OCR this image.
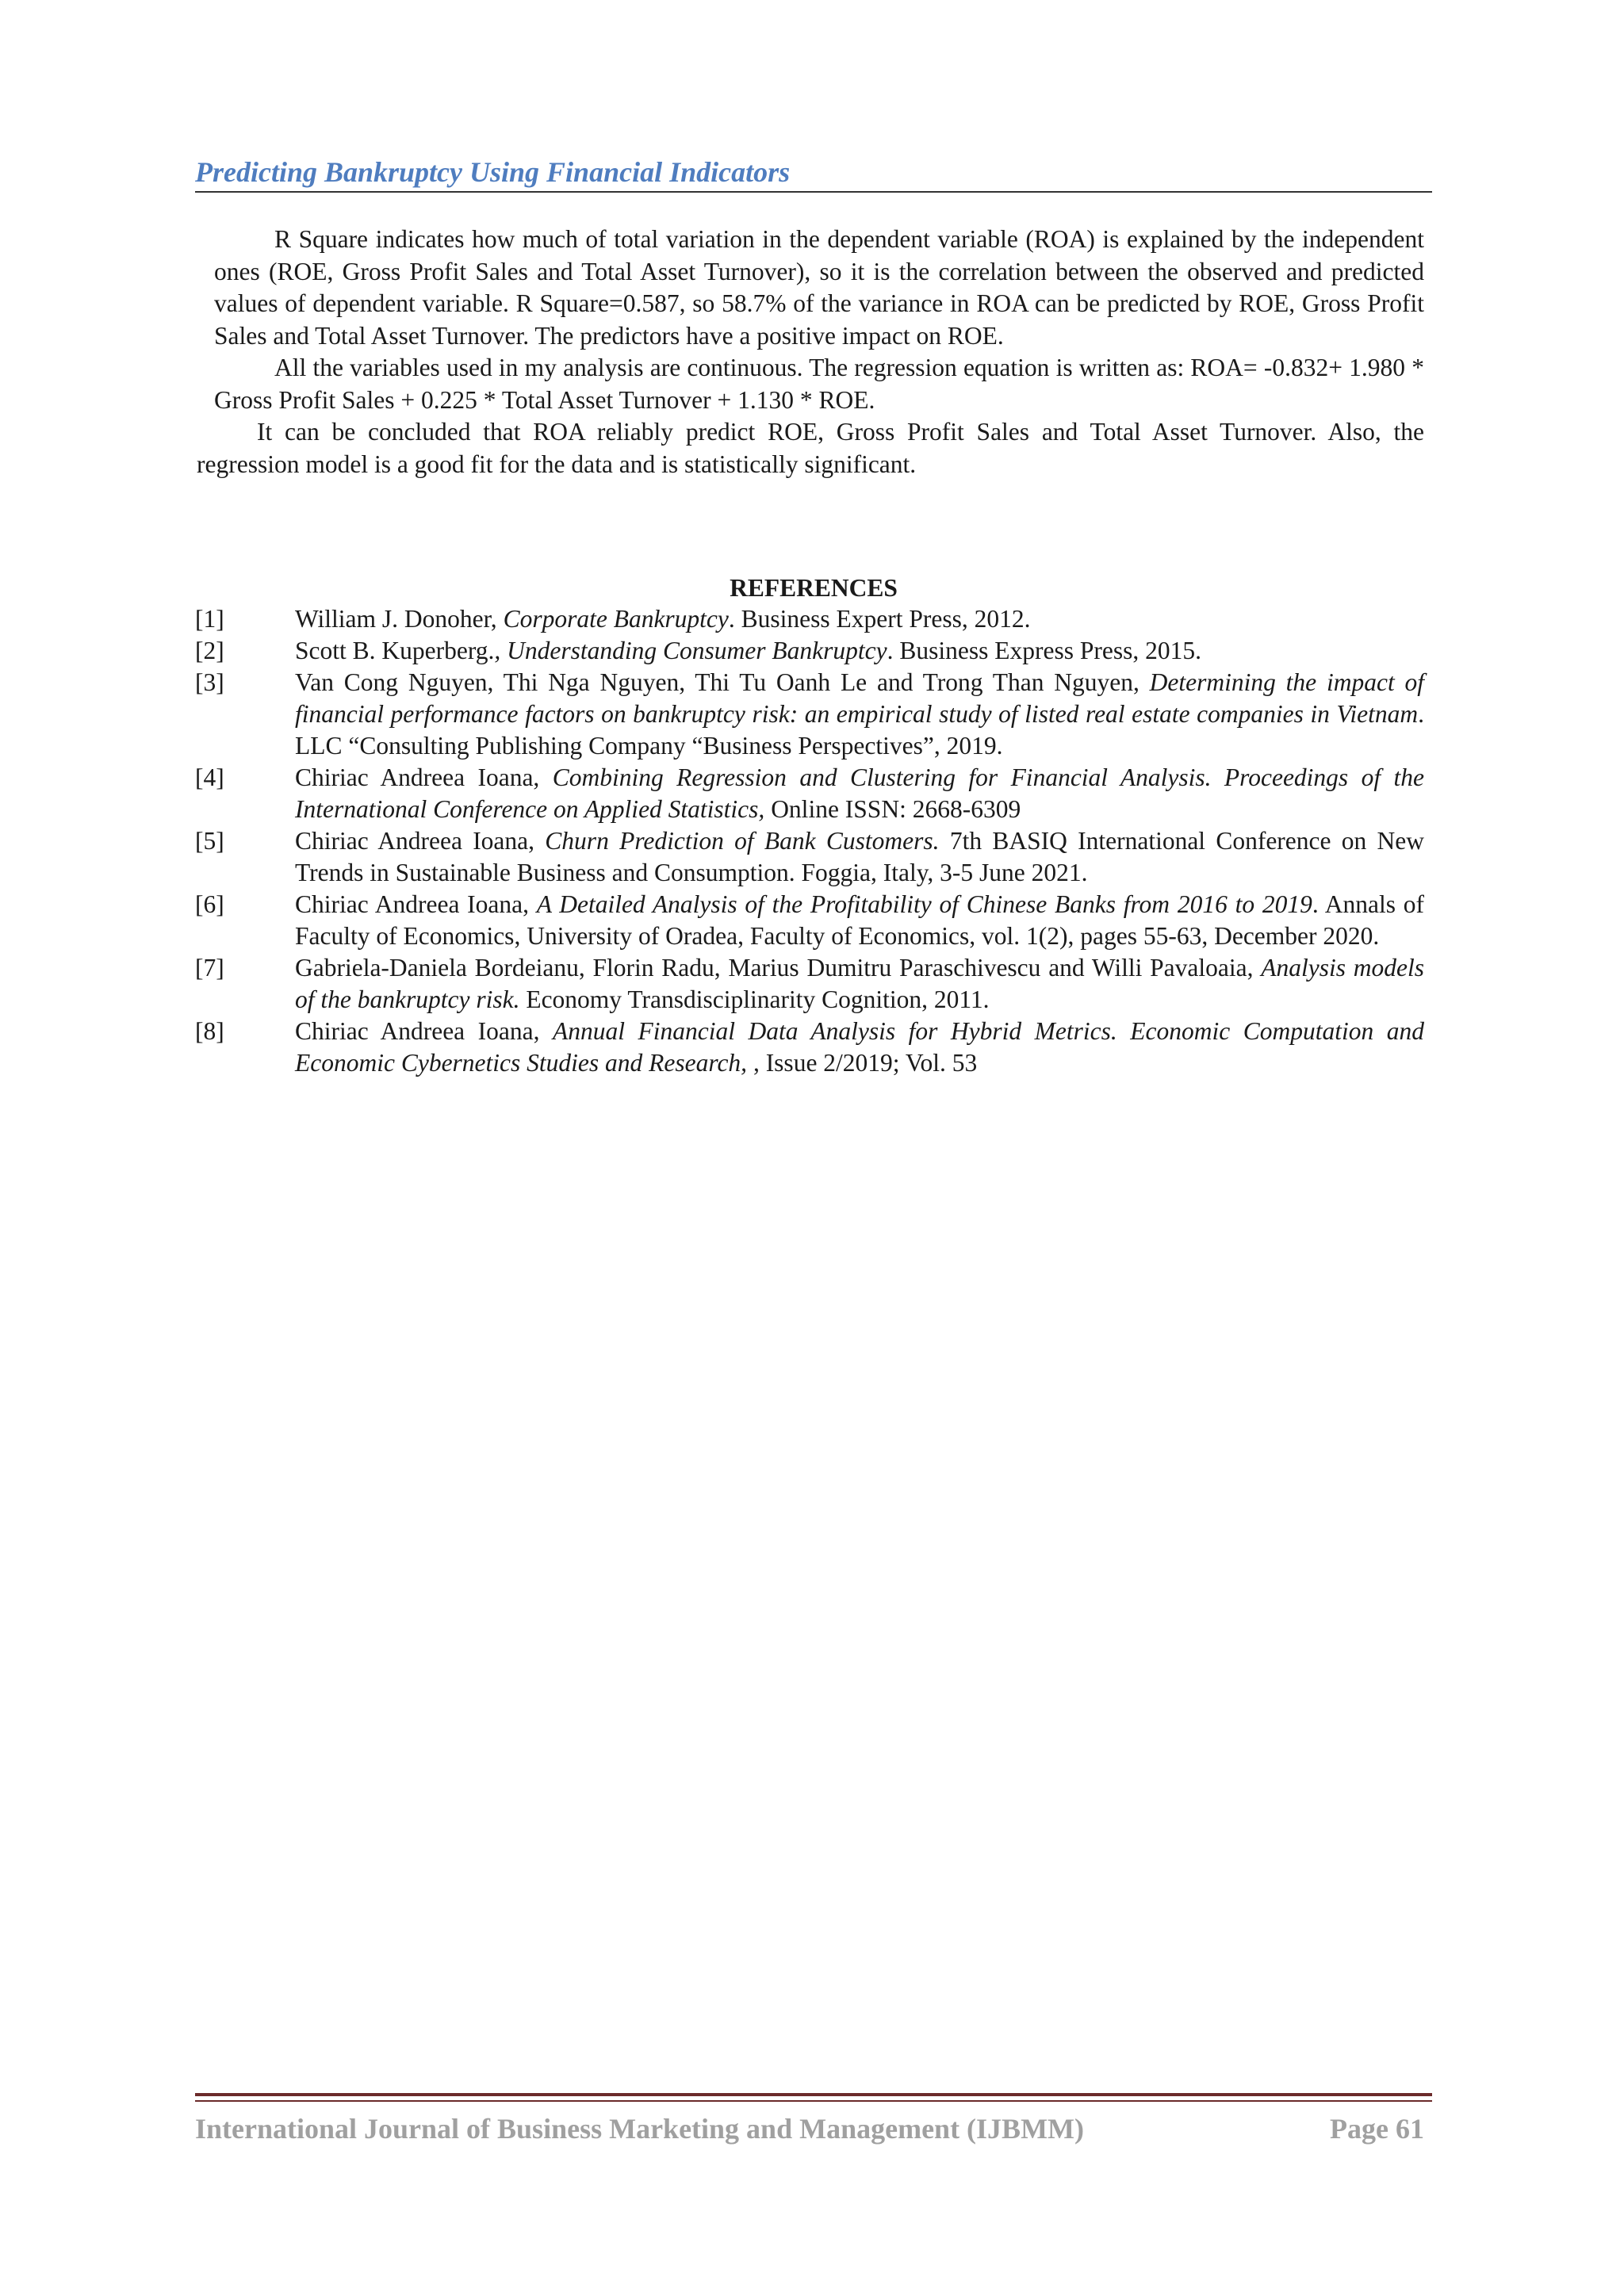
Predicting Bankruptcy Using Financial Indicators

R Square indicates how much of total variation in the dependent variable (ROA) is explained by the independent ones (ROE, Gross Profit Sales and Total Asset Turnover), so it is the correlation between the observed and predicted values of dependent variable. R Square=0.587, so 58.7% of the variance in ROA can be predicted by ROE, Gross Profit Sales and Total Asset Turnover. The predictors have a positive impact on ROE.

All the variables used in my analysis are continuous. The regression equation is written as: ROA= -0.832+ 1.980 * Gross Profit Sales + 0.225 * Total Asset Turnover + 1.130 * ROE.

It can be concluded that ROA reliably predict ROE, Gross Profit Sales and Total Asset Turnover. Also, the regression model is a good fit for the data and is statistically significant.

REFERENCES
[1]	William J. Donoher, Corporate Bankruptcy. Business Expert Press, 2012.
[2]	Scott B. Kuperberg., Understanding Consumer Bankruptcy. Business Express Press, 2015.
[3]	Van Cong Nguyen, Thi Nga Nguyen, Thi Tu Oanh Le and Trong Than Nguyen, Determining the impact of financial performance factors on bankruptcy risk: an empirical study of listed real estate companies in Vietnam. LLC “Consulting Publishing Company “Business Perspectives”, 2019.
[4]	Chiriac Andreea Ioana, Combining Regression and Clustering for Financial Analysis. Proceedings of the International Conference on Applied Statistics, Online ISSN: 2668-6309
[5]	Chiriac Andreea Ioana, Churn Prediction of Bank Customers. 7th BASIQ International Conference on New Trends in Sustainable Business and Consumption. Foggia, Italy, 3-5 June 2021.
[6]	Chiriac Andreea Ioana, A Detailed Analysis of the Profitability of Chinese Banks from 2016 to 2019. Annals of Faculty of Economics, University of Oradea, Faculty of Economics, vol. 1(2), pages 55-63, December 2020.
[7]	Gabriela-Daniela Bordeianu, Florin Radu, Marius Dumitru Paraschivescu and Willi Pavaloaia, Analysis models of the bankruptcy risk. Economy Transdisciplinarity Cognition, 2011.
[8]	Chiriac Andreea Ioana, Annual Financial Data Analysis for Hybrid Metrics. Economic Computation and Economic Cybernetics Studies and Research, , Issue 2/2019; Vol. 53
International Journal of Business Marketing and Management (IJBMM)	Page 61
